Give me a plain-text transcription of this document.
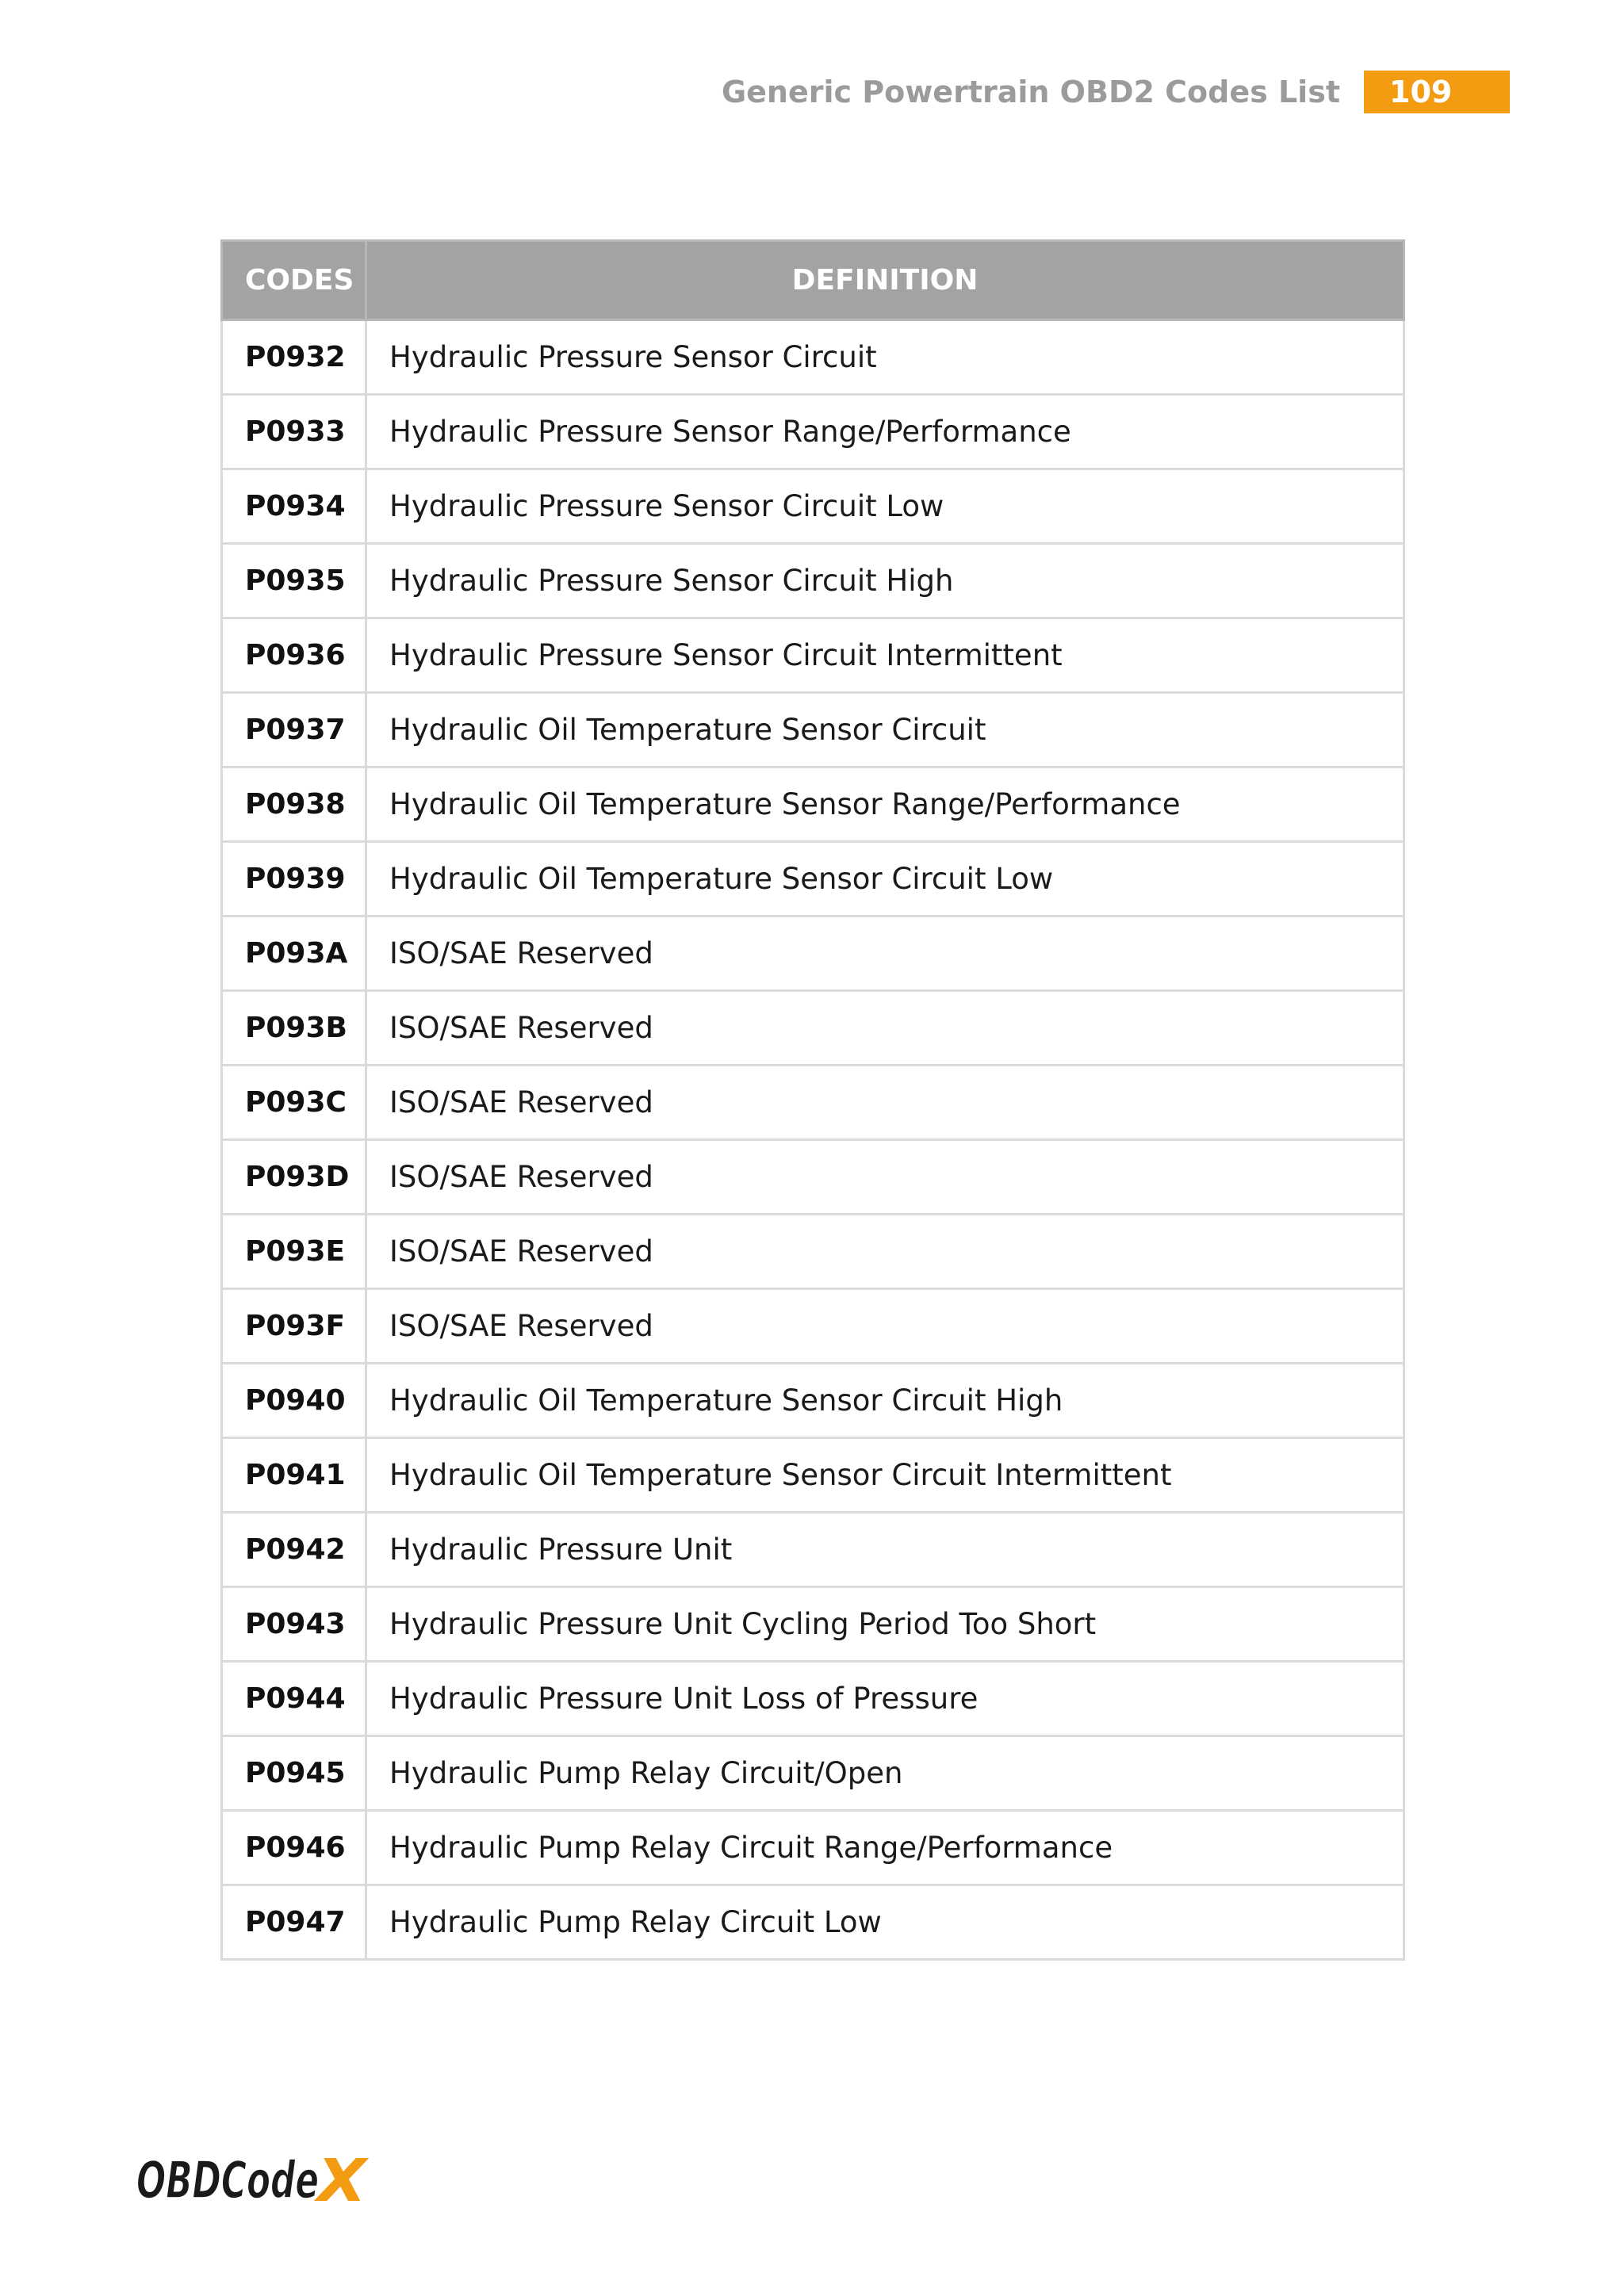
Generic Powertrain OBD2 Codes List	109
CODES	DEFINITION
P0932	Hydraulic Pressure Sensor Circuit
P0933	Hydraulic Pressure Sensor Range/Performance
P0934	Hydraulic Pressure Sensor Circuit Low
P0935	Hydraulic Pressure Sensor Circuit High
P0936	Hydraulic Pressure Sensor Circuit Intermittent
P0937	Hydraulic Oil Temperature Sensor Circuit
P0938	Hydraulic Oil Temperature Sensor Range/Performance
P0939	Hydraulic Oil Temperature Sensor Circuit Low
P093A	ISO/SAE Reserved
P093B	ISO/SAE Reserved
P093C	ISO/SAE Reserved
P093D	ISO/SAE Reserved
P093E	ISO/SAE Reserved
P093F	ISO/SAE Reserved
P0940	Hydraulic Oil Temperature Sensor Circuit High
P0941	Hydraulic Oil Temperature Sensor Circuit Intermittent
P0942	Hydraulic Pressure Unit
P0943	Hydraulic Pressure Unit Cycling Period Too Short
P0944	Hydraulic Pressure Unit Loss of Pressure
P0945	Hydraulic Pump Relay Circuit/Open
P0946	Hydraulic Pump Relay Circuit Range/Performance
P0947	Hydraulic Pump Relay Circuit Low
OBDCode
X
